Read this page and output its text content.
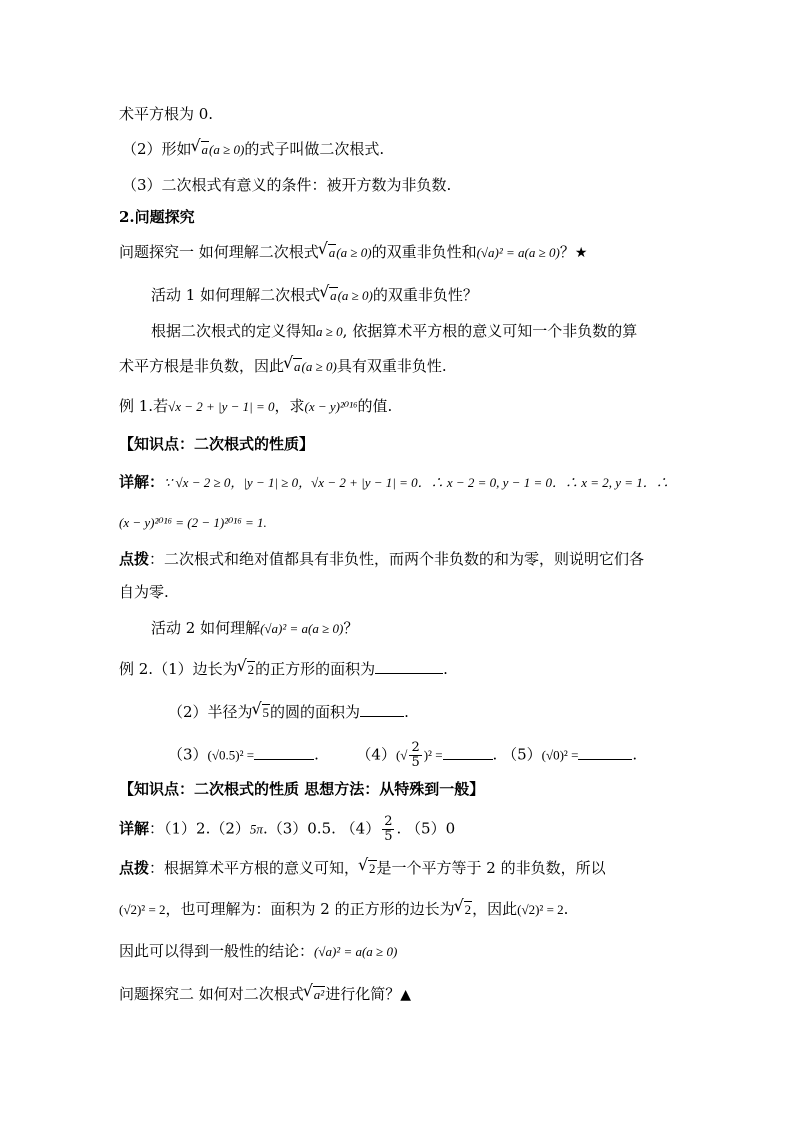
术平方根为 0.
（2）形如 √ a(a ≥ 0)的式子叫做二次根式.
（3）二次根式有意义的条件：被开方数为非负数.
2.问题探究
问题探究一 如何理解二次根式 √ a(a ≥ 0)的双重非负性和(√a)² = a(a ≥ 0)？★
活动 1 如何理解二次根式 √ a(a ≥ 0)的双重非负性？
根据二次根式的定义得知a ≥ 0, 依据算术平方根的意义可知一个非负数的算
术平方根是非负数，因此 √ a(a ≥ 0)具有双重非负性.
例 1.若√x − 2 + |y − 1| = 0，求(x − y)²⁰¹⁶的值.
【知识点：二次根式的性质】
详解：∵ √x − 2 ≥ 0，|y − 1| ≥ 0，√x − 2 + |y − 1| = 0．∴ x − 2 = 0, y − 1 = 0．∴ x = 2, y = 1．∴
(x − y)²⁰¹⁶ = (2 − 1)²⁰¹⁶ = 1.
点拨：二次根式和绝对值都具有非负性，而两个非负数的和为零，则说明它们各
自为零.
活动 2 如何理解(√a)² = a(a ≥ 0)？
例 2.（1）边长为 √ 2的正方形的面积为	.
（2）半径为 √ 5的圆的面积为	.
（3）(√0.5)² =	.	$(4)(√ \frac{2}{5} )^2$ =	. （5）(√0)² =	.
【知识点：二次根式的性质 思想方法：从特殊到一般】
详解：（1）2.（2）5π.（3）0.5. $(4) \frac{2}{5}$ . （5）0
点拨：根据算术平方根的意义可知， √ 2是一个平方等于 2 的非负数，所以
(√2)² = 2，也可理解为：面积为 2 的正方形的边长为 √ 2，因此(√2)² = 2.
因此可以得到一般性的结论：(√a)² = a(a ≥ 0)
问题探究二 如何对二次根式 √ a²进行化简？▲
